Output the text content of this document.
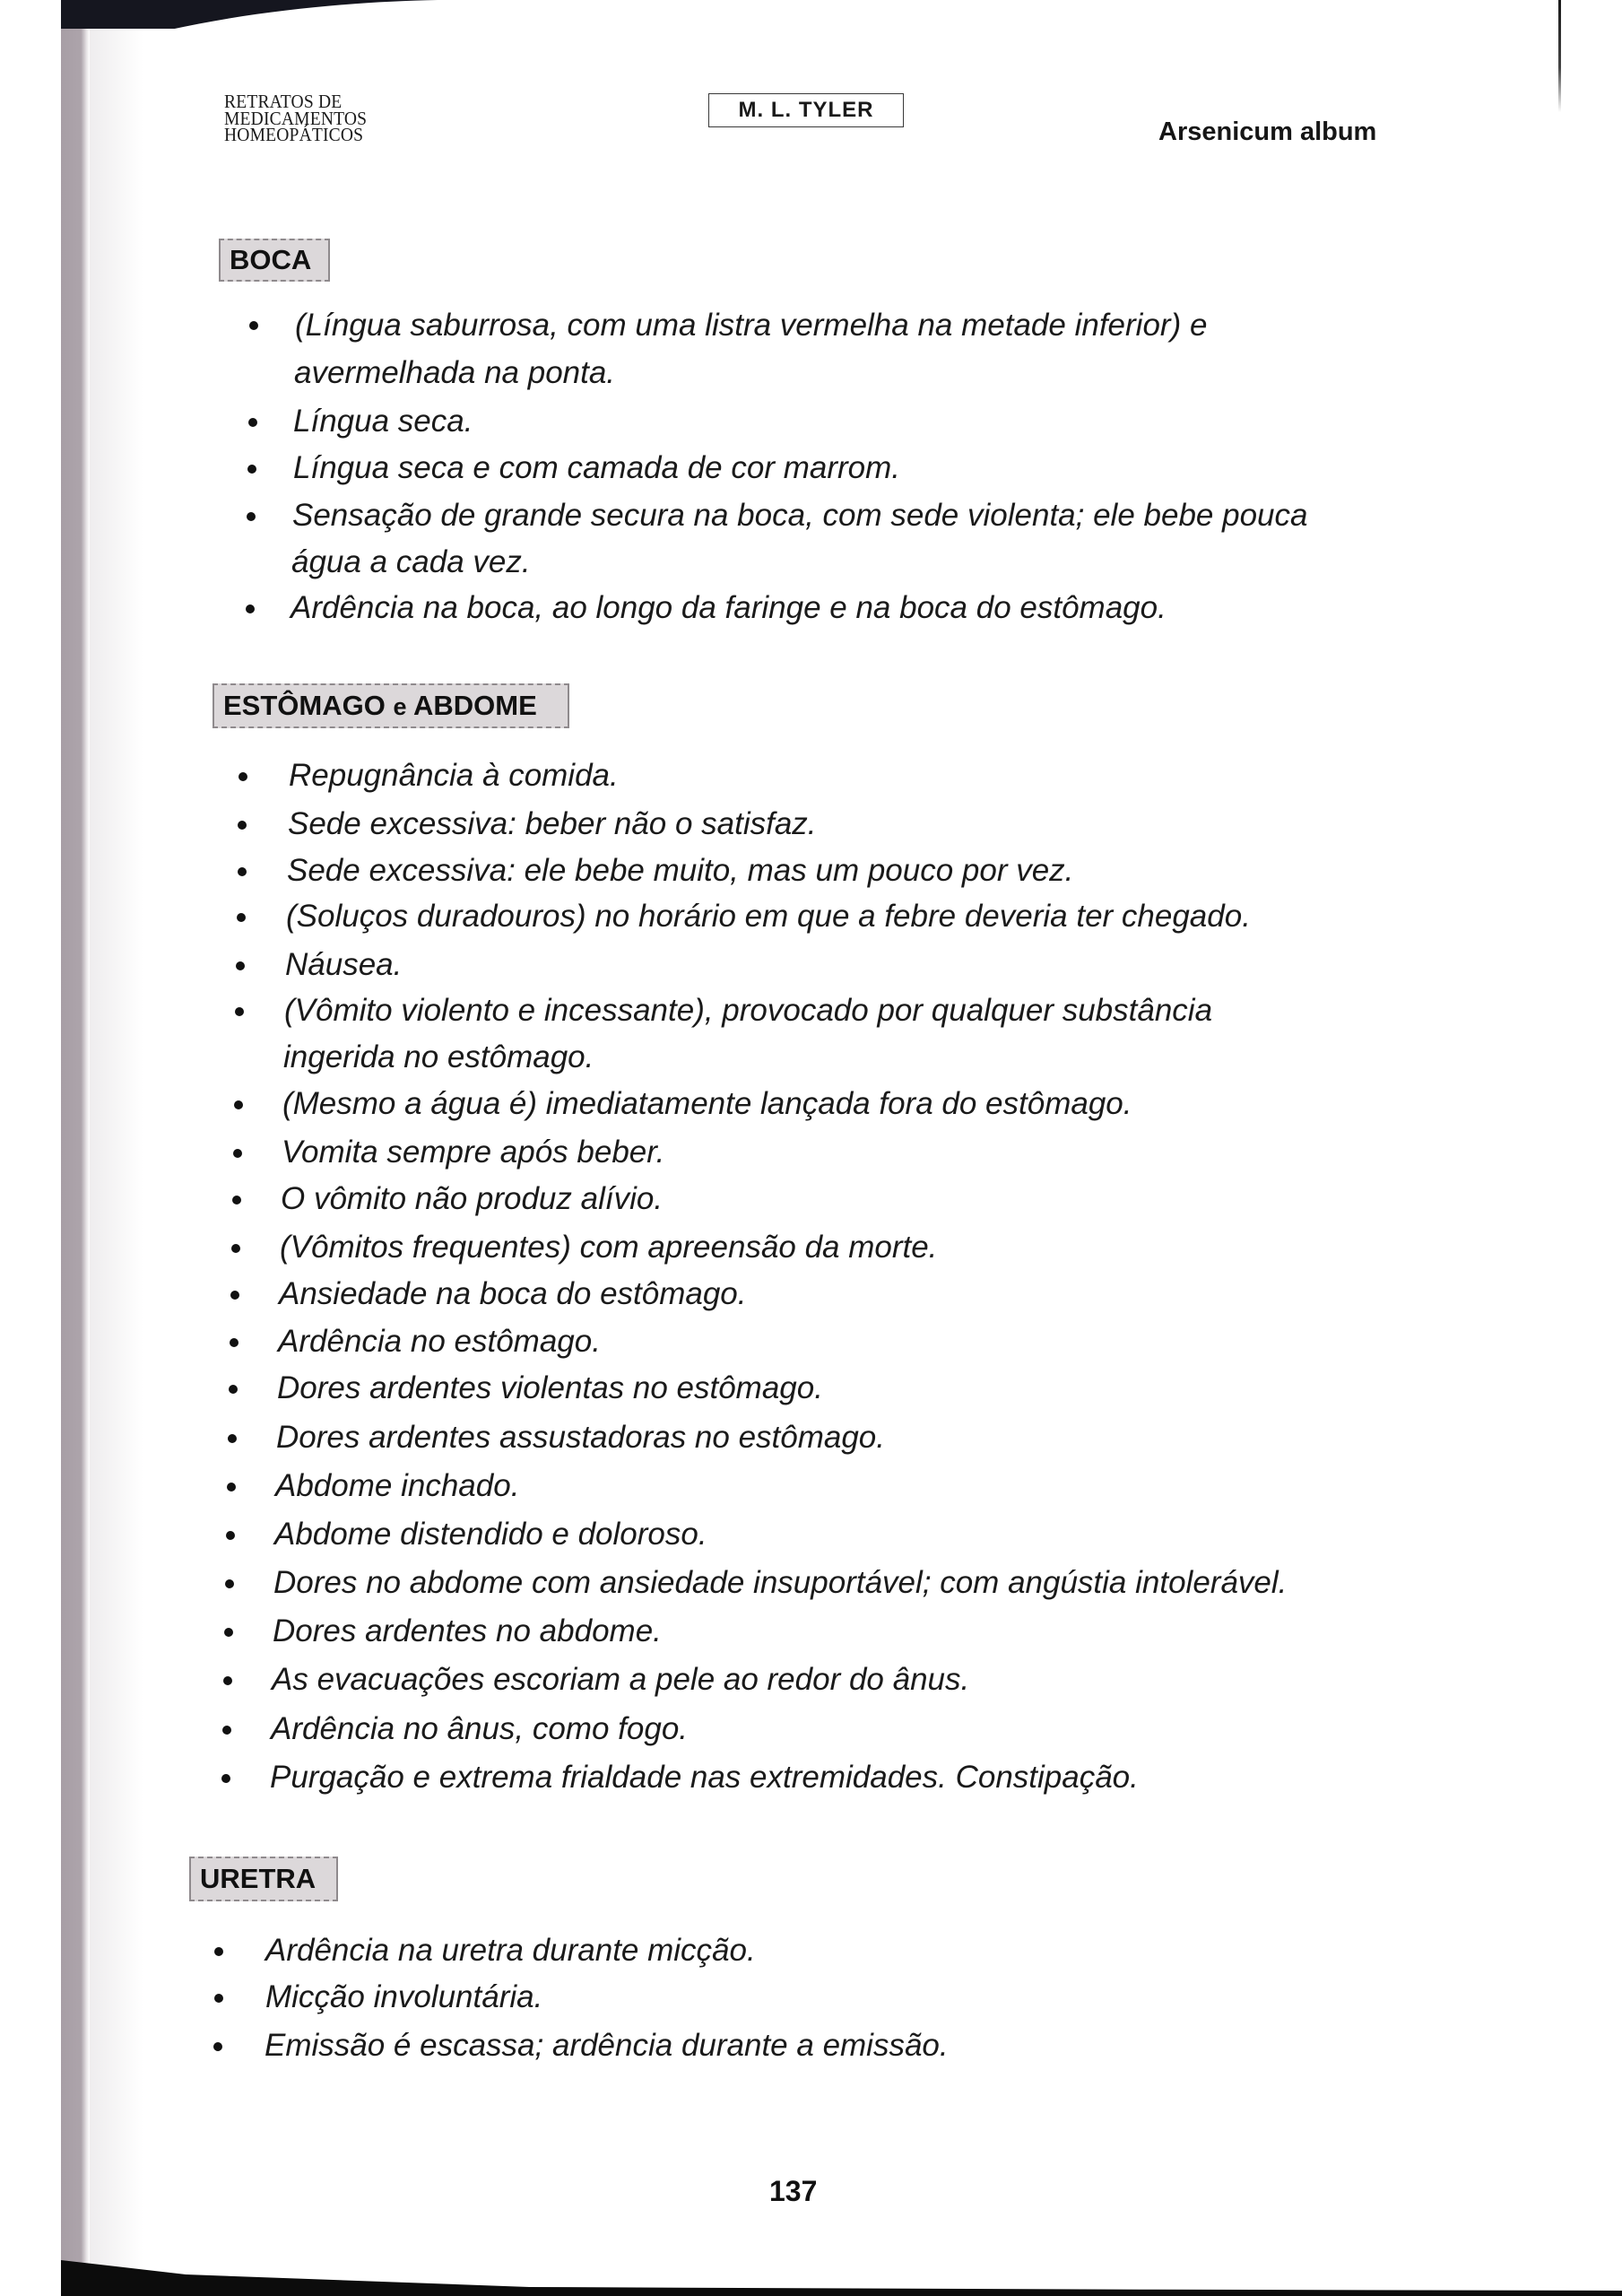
RETRATOS DE
MEDICAMENTOS
HOMEOPÁTICOS
M. L. TYLER
Arsenicum album
BOCA
(Língua saburrosa, com uma listra vermelha na metade inferior) e
avermelhada na ponta.
Língua seca.
Língua seca e com camada de cor marrom.
Sensação de grande secura na boca, com sede violenta; ele bebe pouca
água a cada vez.
Ardência na boca, ao longo da faringe e na boca do estômago.
ESTÔMAGO e ABDOME
Repugnância à comida.
Sede excessiva: beber não o satisfaz.
Sede excessiva: ele bebe muito, mas um pouco por vez.
(Soluços duradouros) no horário em que a febre deveria ter chegado.
Náusea.
(Vômito violento e incessante), provocado por qualquer substância
ingerida no estômago.
(Mesmo a água é) imediatamente lançada fora do estômago.
Vomita sempre após beber.
O vômito não produz alívio.
(Vômitos frequentes) com apreensão da morte.
Ansiedade na boca do estômago.
Ardência no estômago.
Dores ardentes violentas no estômago.
Dores ardentes assustadoras no estômago.
Abdome inchado.
Abdome distendido e doloroso.
Dores no abdome com ansiedade insuportável; com angústia intolerável.
Dores ardentes no abdome.
As evacuações escoriam a pele ao redor do ânus.
Ardência no ânus, como fogo.
Purgação e extrema frialdade nas extremidades. Constipação.
URETRA
Ardência na uretra durante micção.
Micção involuntária.
Emissão é escassa; ardência durante a emissão.
137
